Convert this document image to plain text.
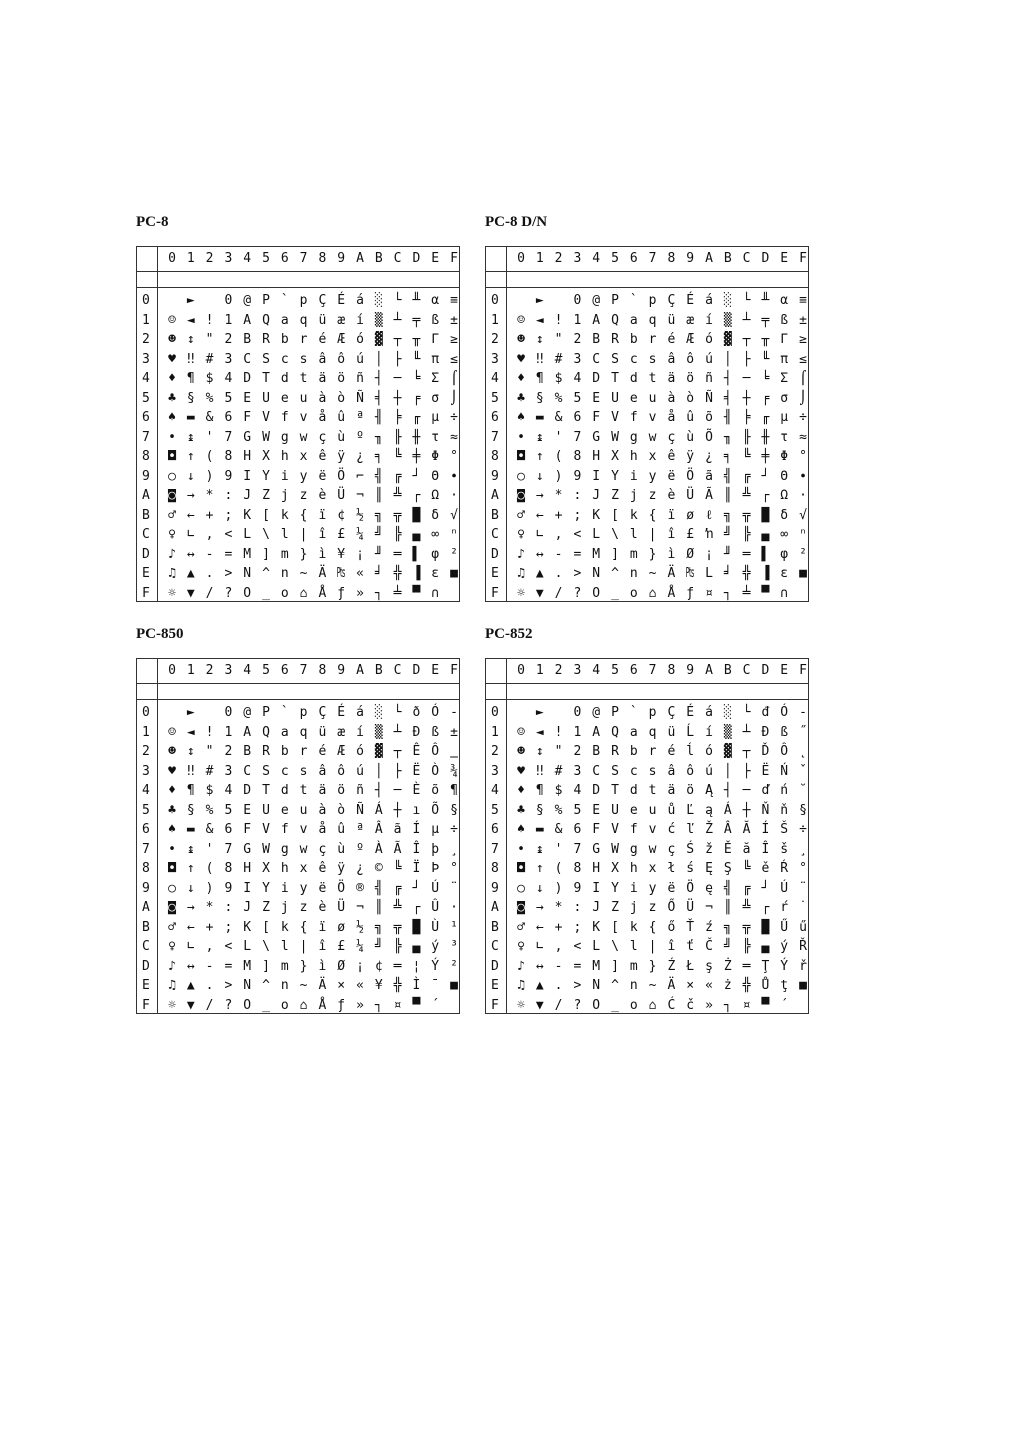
PC-8
0 1 2 3 4 5 6 7 8 9 A B C D E F
0
1
2
3
4
5
6
7
8
9
A
B
C
D
E
F
☺
☻
♥
♦
♣
♠
•
◘
○
◙
♂
♀
♪
♫
☼
►
◄
↕
‼
¶
§
▬
↨
↑
↓
→
←
∟
↔
▲
▼
!
"
#
$
%
&
'
(
)
*
+
,
-
.
/
0
1
2
3
4
5
6
7
8
9
:
;
<
=
>
?
@
A
B
C
D
E
F
G
H
I
J
K
L
M
N
O
P
Q
R
S
T
U
V
W
X
Y
Z
[
\
]
^
_
`
a
b
c
d
e
f
g
h
i
j
k
l
m
n
o
p
q
r
s
t
u
v
w
x
y
z
{
|
}
~
⌂
Ç
ü
é
â
ä
à
å
ç
ê
ë
è
ï
î
ì
Ä
Å
É
æ
Æ
ô
ö
ò
û
ù
ÿ
Ö
Ü
¢
£
¥
₧
ƒ
á
í
ó
ú
ñ
Ñ
ª
º
¿
⌐
¬
½
¼
¡
«
»
░
▒
▓
│
┤
╡
╢
╖
╕
╣
║
╗
╝
╜
╛
┐
└
┴
┬
├
─
┼
╞
╟
╚
╔
╩
╦
╠
═
╬
╧
╨
╤
╥
╙
╘
╒
╓
╫
╪
┘
┌
█
▄
▌
▐
▀
α
ß
Γ
π
Σ
σ
µ
τ
Φ
Θ
Ω
δ
∞
φ
ε
∩
≡
±
≥
≤
⌠
⌡
÷
≈
°
∙
·
√
ⁿ
²
■
PC-8 D/N
0 1 2 3 4 5 6 7 8 9 A B C D E F
0
1
2
3
4
5
6
7
8
9
A
B
C
D
E
F
☺
☻
♥
♦
♣
♠
•
◘
○
◙
♂
♀
♪
♫
☼
►
◄
↕
‼
¶
§
▬
↨
↑
↓
→
←
∟
↔
▲
▼
!
"
#
$
%
&
'
(
)
*
+
,
-
.
/
0
1
2
3
4
5
6
7
8
9
:
;
<
=
>
?
@
A
B
C
D
E
F
G
H
I
J
K
L
M
N
O
P
Q
R
S
T
U
V
W
X
Y
Z
[
\
]
^
_
`
a
b
c
d
e
f
g
h
i
j
k
l
m
n
o
p
q
r
s
t
u
v
w
x
y
z
{
|
}
~
⌂
Ç
ü
é
â
ä
à
å
ç
ê
ë
è
ï
î
ì
Ä
Å
É
æ
Æ
ô
ö
ò
û
ù
ÿ
Ö
Ü
ø
£
Ø
₧
ƒ
á
í
ó
ú
ñ
Ñ
õ
Õ
¿
ã
Ã
ℓ
ŉ
¡
L
¤
░
▒
▓
│
┤
╡
╢
╖
╕
╣
║
╗
╝
╜
╛
┐
└
┴
┬
├
─
┼
╞
╟
╚
╔
╩
╦
╠
═
╬
╧
╨
╤
╥
╙
╘
╒
╓
╫
╪
┘
┌
█
▄
▌
▐
▀
α
ß
Γ
π
Σ
σ
µ
τ
Φ
Θ
Ω
δ
∞
φ
ε
∩
≡
±
≥
≤
⌠
⌡
÷
≈
°
∙
·
√
ⁿ
²
■
PC-850
0 1 2 3 4 5 6 7 8 9 A B C D E F
0
1
2
3
4
5
6
7
8
9
A
B
C
D
E
F
☺
☻
♥
♦
♣
♠
•
◘
○
◙
♂
♀
♪
♫
☼
►
◄
↕
‼
¶
§
▬
↨
↑
↓
→
←
∟
↔
▲
▼
!
"
#
$
%
&
'
(
)
*
+
,
-
.
/
0
1
2
3
4
5
6
7
8
9
:
;
<
=
>
?
@
A
B
C
D
E
F
G
H
I
J
K
L
M
N
O
P
Q
R
S
T
U
V
W
X
Y
Z
[
\
]
^
_
`
a
b
c
d
e
f
g
h
i
j
k
l
m
n
o
p
q
r
s
t
u
v
w
x
y
z
{
|
}
~
⌂
Ç
ü
é
â
ä
à
å
ç
ê
ë
è
ï
î
ì
Ä
Å
É
æ
Æ
ô
ö
ò
û
ù
ÿ
Ö
Ü
ø
£
Ø
×
ƒ
á
í
ó
ú
ñ
Ñ
ª
º
¿
®
¬
½
¼
¡
«
»
░
▒
▓
│
┤
Á
Â
À
©
╣
║
╗
╝
¢
¥
┐
└
┴
┬
├
─
┼
ã
Ã
╚
╔
╩
╦
╠
═
╬
¤
ð
Ð
Ê
Ë
È
ı
Í
Î
Ï
┘
┌
█
▄
¦
Ì
▀
Ó
ß
Ô
Ò
õ
Õ
µ
þ
Þ
Ú
Û
Ù
ý
Ý
¯
´
-
±
‗
¾
¶
§
÷
¸
°
¨
·
¹
³
²
■
PC-852
0 1 2 3 4 5 6 7 8 9 A B C D E F
0
1
2
3
4
5
6
7
8
9
A
B
C
D
E
F
☺
☻
♥
♦
♣
♠
•
◘
○
◙
♂
♀
♪
♫
☼
►
◄
↕
‼
¶
§
▬
↨
↑
↓
→
←
∟
↔
▲
▼
!
"
#
$
%
&
'
(
)
*
+
,
-
.
/
0
1
2
3
4
5
6
7
8
9
:
;
<
=
>
?
@
A
B
C
D
E
F
G
H
I
J
K
L
M
N
O
P
Q
R
S
T
U
V
W
X
Y
Z
[
\
]
^
_
`
a
b
c
d
e
f
g
h
i
j
k
l
m
n
o
p
q
r
s
t
u
v
w
x
y
z
{
|
}
~
⌂
Ç
ü
é
â
ä
ů
ć
ç
ł
ë
Ő
ő
î
Ź
Ä
Ć
É
Ĺ
ĺ
ô
ö
Ľ
ľ
Ś
ś
Ö
Ü
Ť
ť
Ł
×
č
á
í
ó
ú
Ą
ą
Ž
ž
Ę
ę
¬
ź
Č
ş
«
»
░
▒
▓
│
┤
Á
Â
Ě
Ş
╣
║
╗
╝
Ż
ż
┐
└
┴
┬
├
─
┼
Ă
ă
╚
╔
╩
╦
╠
═
╬
¤
đ
Đ
Ď
Ë
ď
Ň
Í
Î
ě
┘
┌
█
▄
Ţ
Ů
▀
Ó
ß
Ô
Ń
ń
ň
Š
š
Ŕ
Ú
ŕ
Ű
ý
Ý
ţ
´
-
˝
˛
ˇ
˘
§
÷
¸
°
¨
˙
ű
Ř
ř
■
